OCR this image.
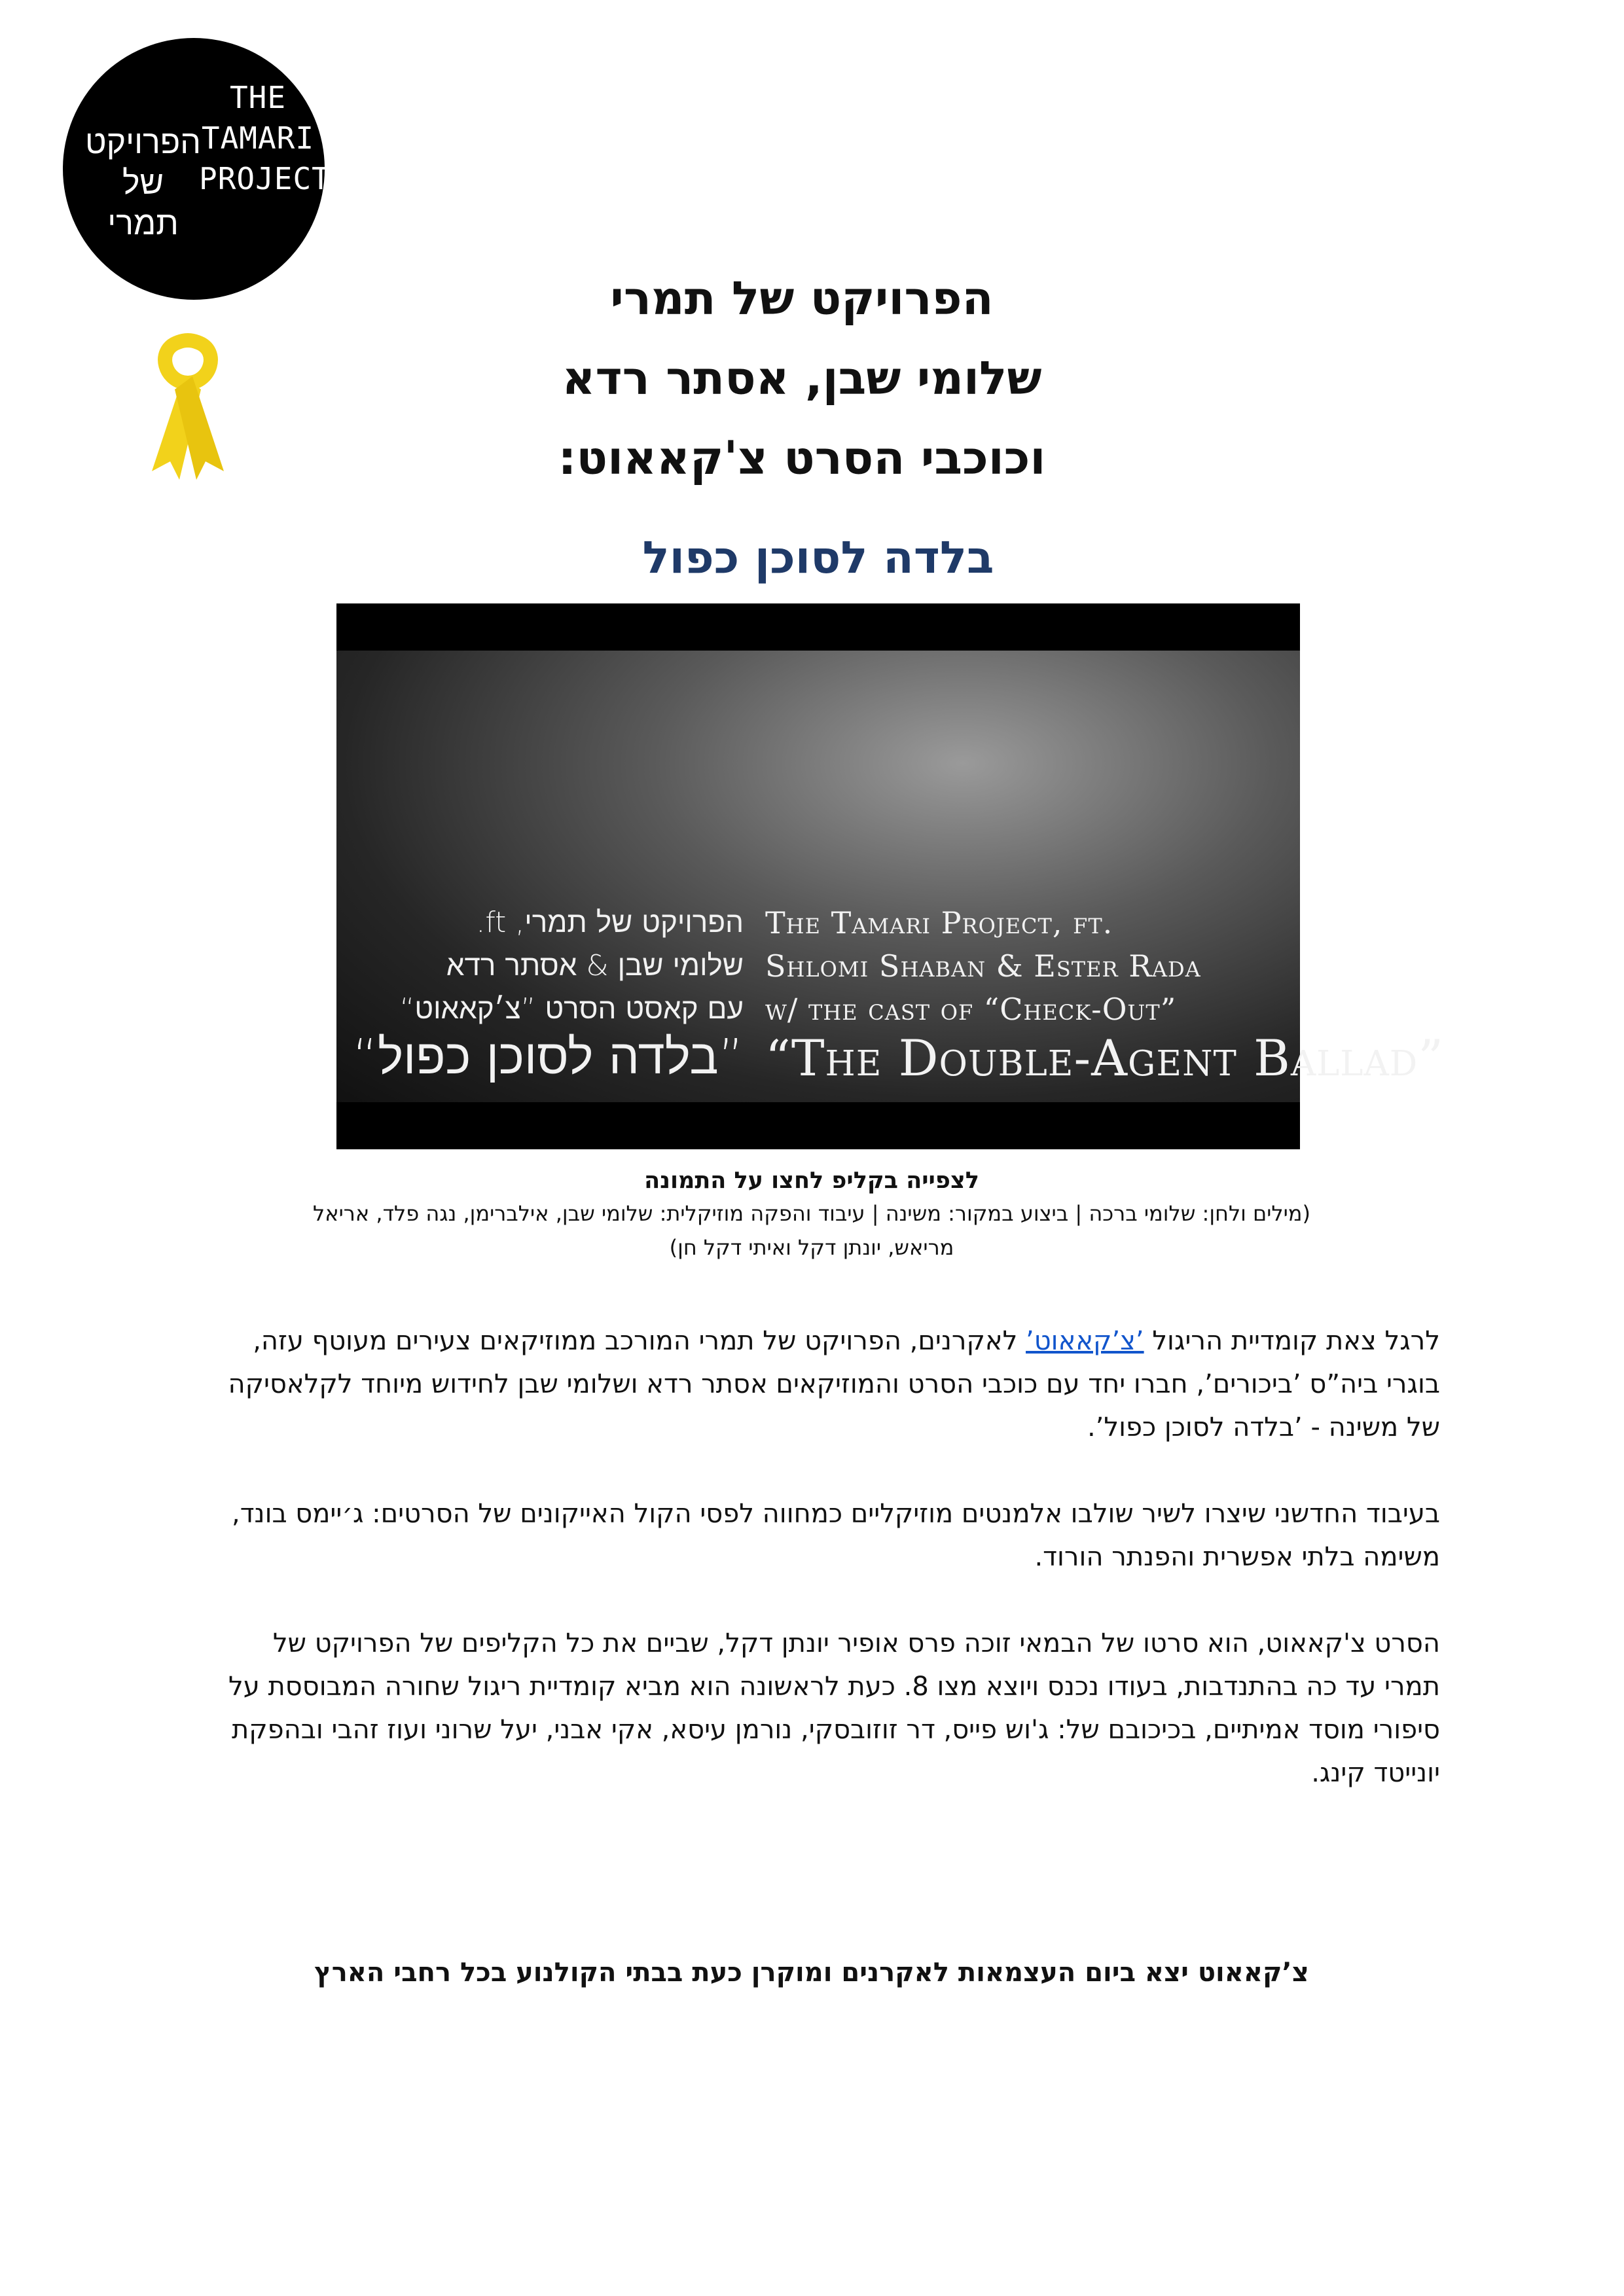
הפרויקט
של
תמרי
THE
TAMARI
PROJECT

הפרויקט של תמרי

שלומי שבן, אסתר רדא

וכוכבי הסרט צ'קאאוט:

בלדה לסוכן כפול

The Tamari Project, ft.
Shlomi Shaban & Ester Rada
w/ the cast of “Check-Out”
“The Double-Agent Ballad”
הפרויקט של תמרי, ft.
שלומי שבן & אסתר רדא
עם קאסט הסרט ”צ׳קאאוט“
”בלדה לסוכן כפול“

לצפייה בקליפ לחצו על התמונה

(מילים ולחן: שלומי ברכה | ביצוע במקור: משינה | עיבוד והפקה מוזיקלית: שלומי שבן, אילברימן, נגה פלד, אריאל

מריאש, יונתן דקל ואיתי דקל חן)

לרגל צאת קומדיית הריגול ’צ’קאאוט’ לאקרנים, הפרויקט של תמרי המורכב ממוזיקאים צעירים מעוטף עזה, בוגרי ביה”ס ’ביכורים’, חברו יחד עם כוכבי הסרט והמוזיקאים אסתר רדא ושלומי שבן לחידוש מיוחד לקלאסיקה של משינה - ’בלדה לסוכן כפול’.

בעיבוד החדשני שיצרו לשיר שולבו אלמנטים מוזיקליים כמחווה לפסי הקול האייקונים של הסרטים: ג׳יימס בונד, משימה בלתי אפשרית והפנתר הורוד.

הסרט צ'קאאוט, הוא סרטו של הבמאי זוכה פרס אופיר יונתן דקל, שביים את כל הקליפים של הפרויקט של תמרי עד כה בהתנדבות, בעודו נכנס ויוצא מצו 8. כעת לראשונה הוא מביא קומדיית ריגול שחורה המבוססת על סיפורי מוסד אמיתיים, בכיכובם של: ג'וש פייס, דר זוזובסקי, נורמן עיסא, אקי אבני, יעל שרוני ועוז זהבי ובהפקת יונייטד קינג.

צ’קאאוט יצא ביום העצמאות לאקרנים ומוקרן כעת בבתי הקולנוע בכל רחבי הארץ
